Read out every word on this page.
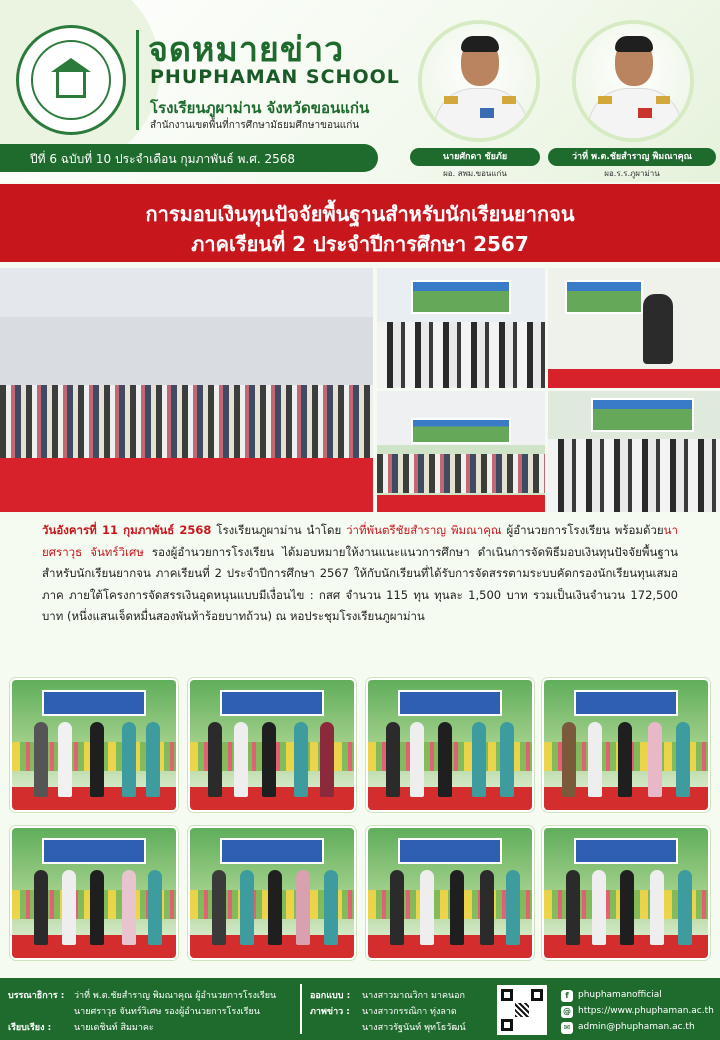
จดหมายข่าว
PHUPHAMAN SCHOOL
โรงเรียนภูผาม่าน จังหวัดขอนแก่น
สำนักงานเขตพื้นที่การศึกษามัธยมศึกษาขอนแก่น
ปีที่ 6 ฉบับที่ 10 ประจำเดือน กุมภาพันธ์ พ.ศ. 2568	นายศักดา ชัยภัย
ผอ. สพม.ขอนแก่น
ว่าที่ พ.ต.ชัยสำราญ พิมณาคุณ
ผอ.ร.ร.ภูผาม่าน
การมอบเงินทุนปัจจัยพื้นฐานสำหรับนักเรียนยากจน
ภาคเรียนที่ 2 ประจำปีการศึกษา 2567
วันอังคารที่ 11 กุมภาพันธ์ 2568 โรงเรียนภูผาม่าน นำโดย ว่าที่พันตรีชัยสำราญ พิมณาคุณ ผู้อำนวยการโรงเรียน พร้อมด้วยนายศราวุธ จันทร์วิเศษ รองผู้อำนวยการโรงเรียน ได้มอบหมายให้งานแนะแนวการศึกษา ดำเนินการจัดพิธีมอบเงินทุนปัจจัยพื้นฐานสำหรับนักเรียนยากจน ภาคเรียนที่ 2 ประจำปีการศึกษา 2567 ให้กับนักเรียนที่ได้รับการจัดสรรตามระบบคัดกรองนักเรียนทุนเสมอภาค ภายใต้โครงการจัดสรรเงินอุดหนุนแบบมีเงื่อนไข : กสศ จำนวน 115 ทุน ทุนละ 1,500 บาท รวมเป็นเงินจำนวน 172,500 บาท (หนึ่งแสนเจ็ดหมื่นสองพันห้าร้อยบาทถ้วน) ณ หอประชุมโรงเรียนภูผาม่าน
บรรณาธิการ : ว่าที่ พ.ต.ชัยสำราญ พิมณาคุณ ผู้อำนวยการโรงเรียน
นายศราวุธ จันทร์วิเศษ รองผู้อำนวยการโรงเรียน
เรียบเรียง :	นายเดชินท์ สิมมาคะ
ออกแบบ : นางสาวมาณวิกา มาคนอก
ภาพข่าว : นางสาวกรรณิกา ทุ่งลาด
นางสาวรัฐนันท์ พุทโธวัฒน์
f	phuphamanofficial
@ https://www.phuphaman.ac.th
✉ admin@phuphaman.ac.th
